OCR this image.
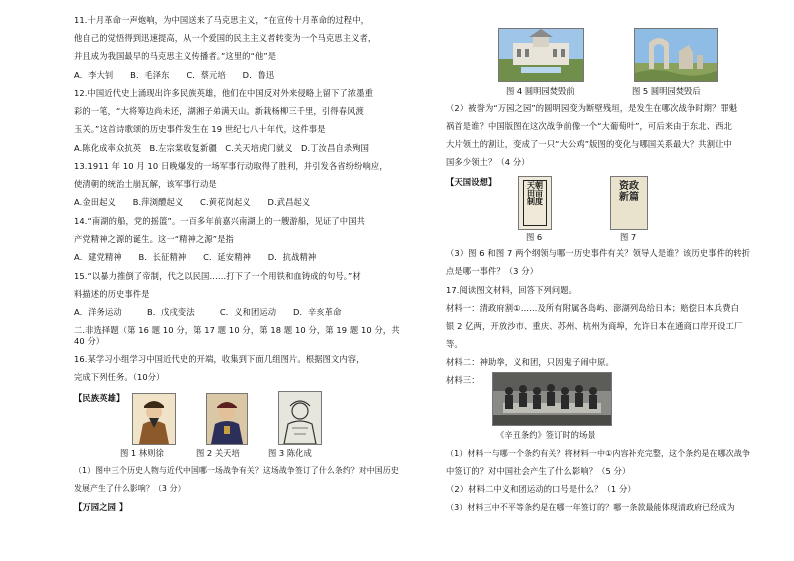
11.十月革命一声炮响，为中国送来了马克思主义，“在宣传十月革命的过程中，
他自己的觉悟得到迅速提高，从一个爱国的民主主义者转变为一个马克思主义者，
并且成为我国最早的马克思主义传播者。”这里的“他”是
A．李大钊　　B．毛泽东　　C．蔡元培　　D．鲁迅
12.中国近代史上涌现出许多民族英雄，他们在中国反对外来侵略上留下了浓墨重
彩的一笔，“大将筹边尚未还，湖湘子弟满天山。新栽杨柳三千里，引得春风渡
玉关。”这首诗歌颂的历史事件发生在 19 世纪七八十年代，这件事是
A.陈化成率众抗英　B.左宗棠收复新疆　C.关天培虎门就义　D.丁汝昌自杀殉国
13.1911 年 10 月 10 日晚爆发的一场军事行动取得了胜利，并引发各省纷纷响应，
使清朝的统治土崩瓦解，该军事行动是
A.金田起义　　B.萍浏醴起义　　C.黄花岗起义　　D.武昌起义
14.“南湖的船，党的摇篮”。一百多年前嘉兴南湖上的一艘游船，见证了中国共
产党精神之源的诞生。这一“精神之源”是指
A．建党精神　　B．长征精神　　C．延安精神　　D．抗战精神
15.“以暴力推倒了帝制，代之以民国……打下了一个用铁和血铸成的句号。”材
料描述的历史事件是
A．洋务运动　　　B．戊戌变法　　　C．义和团运动　　D．辛亥革命
二.非选择题（第 16 题 10 分，第 17 题 10 分，第 18 题 10 分，第 19 题 10 分，共
40 分）
16.某学习小组学习中国近代史的开端，收集到下面几组图片。根据图文内容，
完成下列任务。（10分）
【民族英雄】
图 1 林则徐	图 2 关天培	图 3 陈化成
（1）图中三个历史人物与近代中国哪一场战争有关？这场战争签订了什么条约？对中国历史
发展产生了什么影响？（3 分）
【万园之园 】
图 4 圆明园焚毁前	图 5 圆明园焚毁后
（2）被誉为“万园之园”的圆明园变为断壁残垣，是发生在哪次战争时期？罪魁
祸首是谁？中国版图在这次战争前像一个“大葡萄叶”，可后来由于东北、西北
大片领土的割让，变成了一只“大公鸡”版图的变化与哪国关系最大？共割让中
国多少领土？（4 分）
【天国设想】	天朝田亩制度
资政新篇
图 6	图 7
（3）图 6 和图 7 两个纲领与哪一历史事件有关？领导人是谁？该历史事件的转折
点是哪一事件？（3 分）
17.阅读图文材料，回答下列问题。
材料一：清政府割①……及所有附属各岛屿、澎湖列岛给日本；赔偿日本兵费白
银 2 亿两，开放沙市、重庆、苏州、杭州为商埠，允许日本在通商口岸开设工厂
等。
材料二：神助拳，义和团，只因鬼子闹中原。
材料三：
《辛丑条约》签订时的场景
（1）材料一与哪一个条约有关？将材料一中①内容补充完整，这个条约是在哪次战争
中签订的？对中国社会产生了什么影响？（5 分）
（2）材料二中义和团运动的口号是什么？（1 分）
（3）材料三中不平等条约是在哪一年签订的？哪一条款最能体现清政府已经成为
